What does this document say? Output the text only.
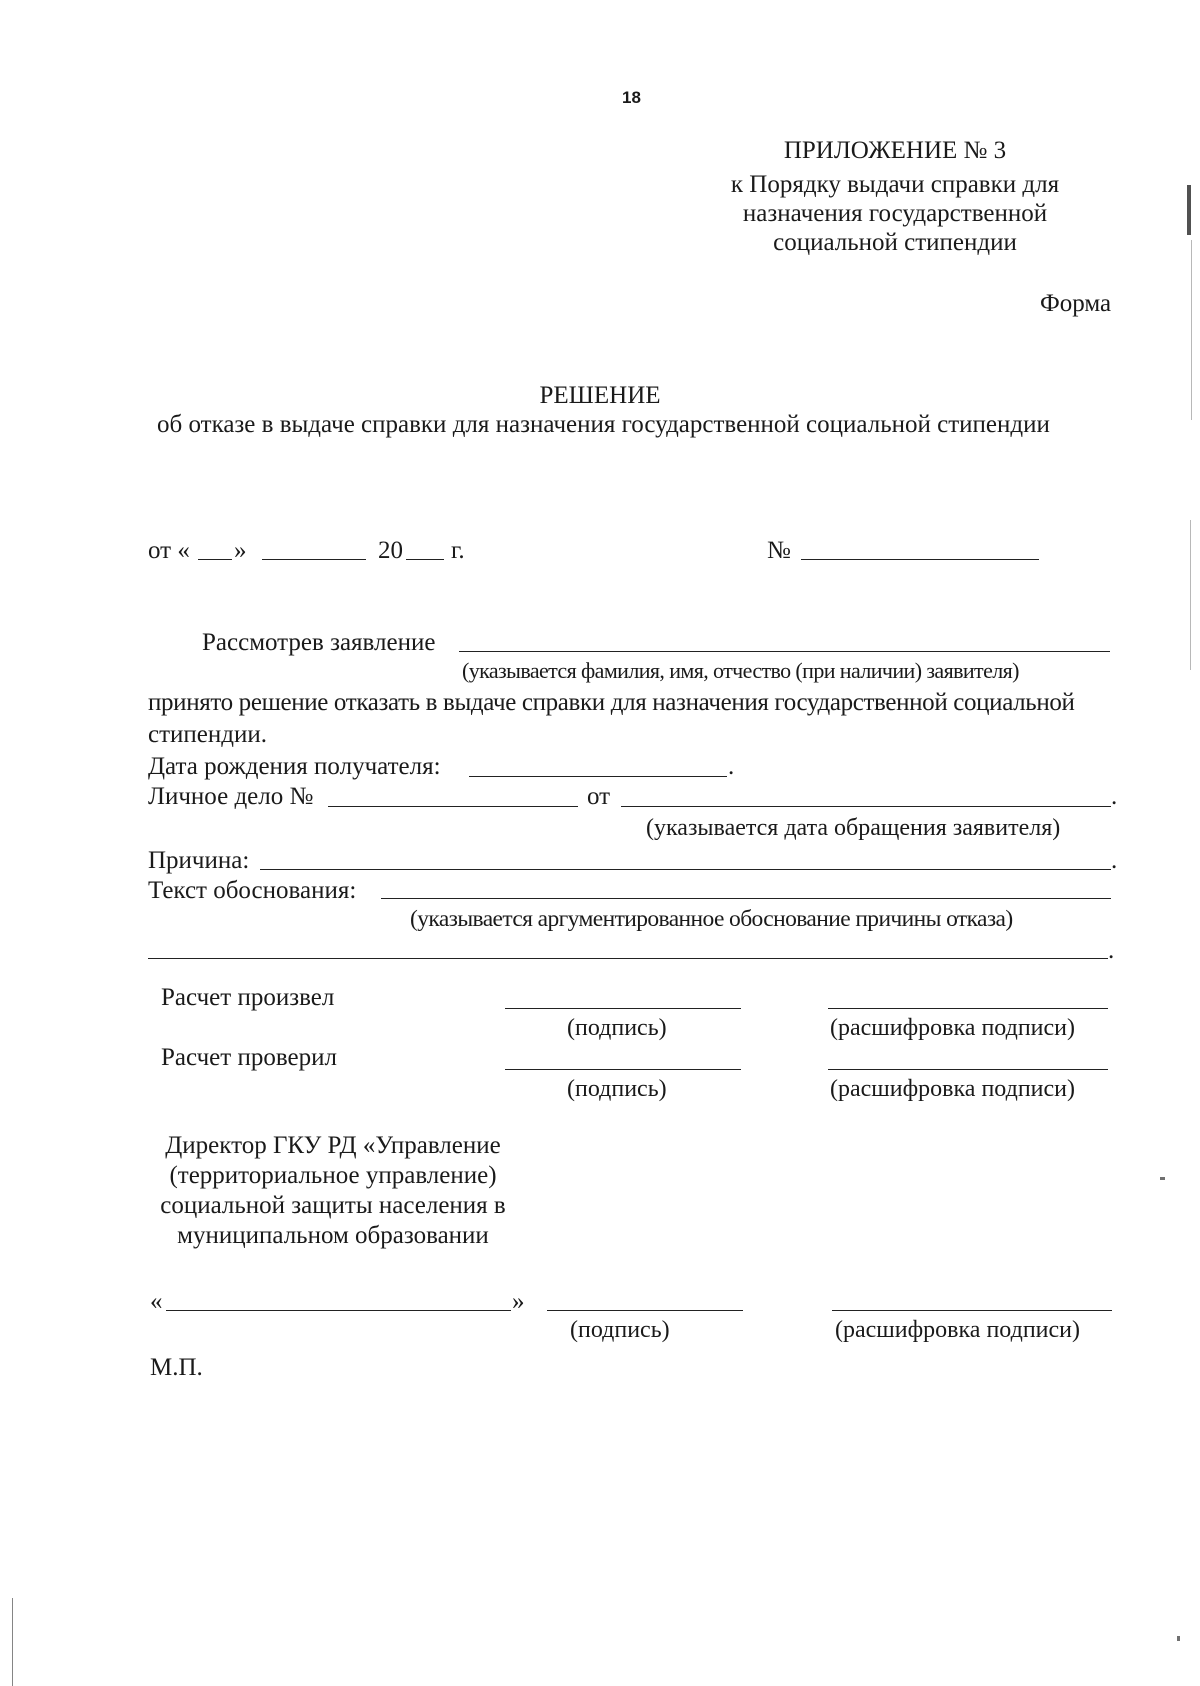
18
ПРИЛОЖЕНИЕ № 3
к Порядку выдачи справки для
назначения государственной
социальной стипендии
Форма
РЕШЕНИЕ
об отказе в выдаче справки для назначения государственной социальной стипендии
от « »	20 г.	№
Рассмотрев заявление
(указывается фамилия, имя, отчество (при наличии) заявителя)
принято решение отказать в выдаче справки для назначения государственной социальной
стипендии.
Дата рождения получателя:	.
Личное дело №	от	.
(указывается дата обращения заявителя)
Причина:	.
Текст обоснования:
(указывается аргументированное обоснование причины отказа)
.
Расчет произвел
(подпись)	(расшифровка подписи)
Расчет проверил
(подпись)	(расшифровка подписи)
Директор ГКУ РД «Управление
(территориальное управление)
социальной защиты населения в
муниципальном образовании
«	»
(подпись)	(расшифровка подписи)
М.П.
